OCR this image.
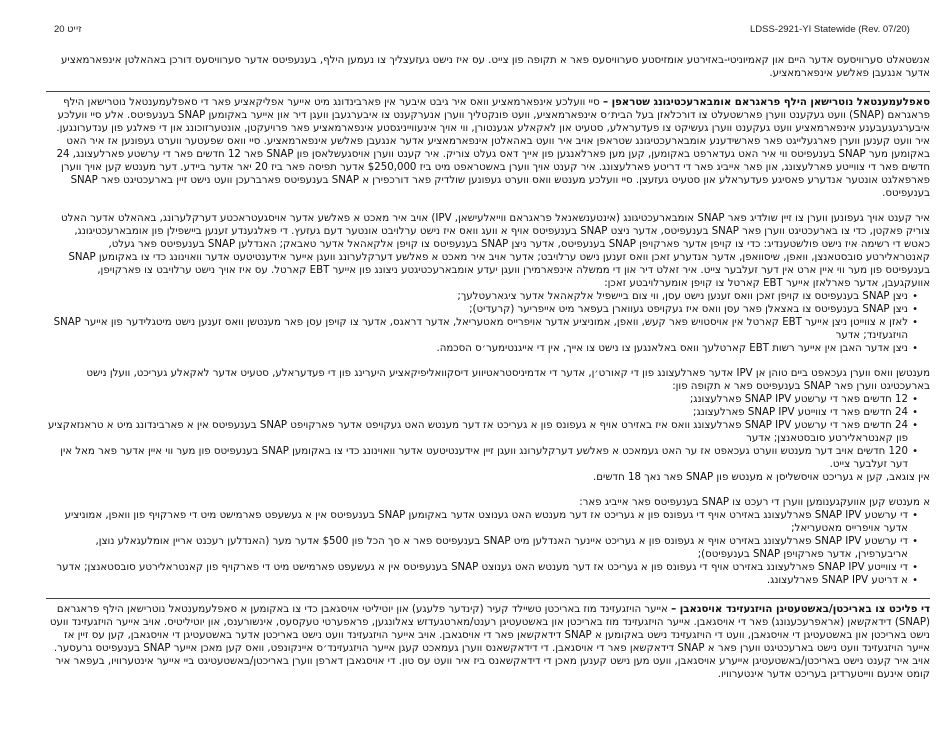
LDSS-2921-YI Statewide (Rev. 07/20)
זייט 20

אנשטאלט סערוויסעס אדער היים און קאמיוניטי-באזירטע אומזיסטע סערוויסעס פאר א תקופה פון צייט. עס איז נישט געזעצליך צו נעמען הילף, בענעפיטס אדער סערוויסעס דורכן באהאלטן אינפארמאציע אדער אנגעבן פאלשע אינפארמאציע.

סאפלעמענטאל נוטרישאן הילף פראגראם אומבארעכטיגונג שטראפן – סיי וועלכע אינפארמאציע וואס איר גיבט איבער אין פארבינדונג מיט אייער אפליקאציע פאר די סאפלעמענטאל נוטרישאן הילף פראגראם (SNAP) וועט געקענט ווערן פארשטעלט צו דורכלאזן בעל הבית׳ס אינפארמאציע, וועט פונקטליך ווערן אנערקענט צו איבערגעבן וועגן דיר און אייער באקומען SNAP בענעפיטס. אלע סיי וועלכע איבערגעגעבענע אינפארמאציע וועט געקענט ווערן געשיקט צו פעדעראלע, סטעיט און לאקאלע אגענטורן, ווי אויך אינעווייניגסטע אינפארמאציע פאר פרויעקטן, אונטערזוכונג און די פאלגע פון ענדערונגען. איר וועט קענען ווערן פארגעלייגט פאר פארשידענע אומבארעכטיגונג שטראפן אויב איר וועט באהאלטן אינפארמאציע אדער אנגעבן פאלשע אינפארמאציע. סיי וואס שפעטער ווערט געפונען אז איר האט באקומען מער SNAP בענעפיטס ווי איר האט געדארפט באקומען, קען מען פארלאנגען פון אייך דאס געלט צוריק. איר קענט ווערן אויסגעשלאסן פון SNAP פאר 12 חדשים פאר די ערשטע פארלעצונג, 24 חדשים פאר די צווייטע פארלעצונג, און פאר אייביג פאר די דריטע פארלעצונג. איר קענט אויך ווערן באשטראפט מיט ביז $250,000 אדער תפיסה פאר ביז 20 יאר אדער ביידע. דער מענטש קען אויך ווערן פארפאלגט אונטער אנדערע פאסיגע פעדעראלע און סטעיט געזעצן. סיי וועלכע מענטש וואס ווערט געפונען שולדיק פאר דורכפירן א SNAP בענעפיטס פארברעכן וועט נישט זיין בארעכטיגט פאר SNAP בענעפיטס.

איר קענט אויך געפונען ווערן צו זיין שולדיג פאר SNAP אומבארעכטיגונג (אינטענשאנאל פראגראם ווייאלעישאן, IPV) אויב איר מאכט א פאלשע אדער אויסגעטראכטע דערקלערונג, באהאלט אדער האלט צוריק פאקטן, כדי צו בארעכטיגט ווערן פאר SNAP בענעפיטס, אדער ניצט SNAP בענעפיטס אויף א וועג וואס איז נישט ערלויבט אונטער דעם געזעץ. די פאלגענדע זענען ביישפילן פון אומבארעכטיגונג, כאטש די רשימה איז נישט פולשטענדיג: כדי צו קויפן אדער פארקויפן SNAP בענעפיטס, אדער ניצן SNAP בענעפיטס צו קויפן אלקאהאל אדער טאבאק; האנדלען SNAP בענעפיטס פאר געלט, קאנטראלירטע סובסטאנצן, וואפן, שיסוואפן, אדער אנדערע זאכן וואס זענען נישט ערלויבט; אדער אויב איר מאכט א פאלשע דערקלערונג וועגן אייער אידענטיטעט אדער וואוינונג כדי צו באקומען SNAP בענעפיטס פון מער ווי איין ארט אין דער זעלבער צייט. איר זאלט דיר און די ממשלה אינפארמירן וועגן יעדע אומבארעכטיגטע ניצונג פון אייער EBT קארטל. עס איז אויך נישט ערלויבט צו פארקויפן, אוועקגעבן, אדער פארלאזן אייער EBT קארטל צו קויפן אומערלויבטע זאכן:

•
ניצן SNAP בענעפיטס צו קויפן זאכן וואס זענען נישט עסן, ווי צום ביישפיל אלקאהאל אדער ציגארעטלעך;
•
ניצן SNAP בענעפיטס צו באצאלן פאר עסן וואס איז געקויפט געווארן בעפאר מיט אייפריער (קרעדיט);
•
לאזן א צווייטן ניצן אייער EBT קארטל אין אויסטויש פאר קעש, וואפן, אמוניציע אדער אויפרייס מאטעריאל, אדער דראגס, אדער צו קויפן עסן פאר מענטשן וואס זענען נישט מיטגלידער פון אייער SNAP הויזגעזינד; אדער
•
ניצן אדער האבן אין אייער רשות EBT קארטלעך וואס באלאנגען צו נישט צו אייך, אין די אייגנטימער׳ס הסכמה.

מענטשן וואס ווערן געכאפט ביים טוהן אן IPV אדער פארלעצונג פון די קאורט׳ן, אדער די אדמיניסטראטיווע דיסקוואליפיקאציע היערינג פון די פעדעראלע, סטעיט אדער לאקאלע געריכט, וועלן נישט בארעכטיגט ווערן פאר SNAP בענעפיטס פאר א תקופה פון:

•
12 חדשים פאר די ערשטע SNAP IPV פארלעצונג;
•
24 חדשים פאר די צווייטע SNAP IPV פארלעצונג;
•
24 חדשים פאר די ערשטע SNAP IPV פארלעצונג וואס איז באזירט אויף א געפונס פון א געריכט אז דער מענטש האט געקויפט אדער פארקויפט SNAP בענעפיטס אין א פארבינדונג מיט א טראנזאקציע פון קאנטראלירטע סובסטאנצן; אדער
•
120 חדשים אויב דער מענטש ווערט געכאפט אז ער האט געמאכט א פאלשע דערקלערונג וועגן זיין אידענטיטעט אדער וואוינונג כדי צו באקומען SNAP בענעפיטס פון מער ווי איין אדער פאר מאל אין דער זעלבער צייט.

אין צוגאב, קען א געריכט אויסשליסן א מענטש פון SNAP פאר נאך 18 חדשים.

א מענטש קען אוועקגענומען ווערן די רעכט צו SNAP בענעפיטס פאר אייביג פאר:

•
די ערשטע SNAP IPV פארלעצונג באזירט אויף די געפונס פון א געריכט אז דער מענטש האט גענוצט אדער באקומען SNAP בענעפיטס אין א געשעפט פארמישט מיט די פארקויף פון וואפן, אמוניציע אדער אויפרייס מאטעריאל;
•
די ערשטע SNAP IPV פארלעצונג באזירט אויף א געפונס פון א געריכט איינער האנדלען מיט SNAP בענעפיטס פאר א סך הכל פון $500 אדער מער (האנדלען רעכנט אריין אומלעגאלע נוצן, אריבערפירן, אדער פארקויפן SNAP בענעפיטס);
•
די צווייטע SNAP IPV פארלעצונג באזירט אויף די געפונס פון א געריכט אז דער מענטש האט גענוצט SNAP בענעפיטס אין א געשעפט פארמישט מיט די פארקויף פון קאנטראלירטע סובסטאנצן; אדער
•
א דריטע SNAP IPV פארלעצונג.

די פליכט צו באריכטן/באשטעטיגן הויזגעזינד אויסגאבן – אייער הויזגעזינד מוז באריכטן טשיילד קעיר (קינדער פלעגע) און יוטיליטי אויסגאבן כדי צו באקומען א סאפלעמענטאל נוטרישאן הילף פראגראם (SNAP) דידאקשאן (אראפרעכענונג) פאר די אויסגאבן. אייער הויזגעזינד מוז באריכטן און באשטעטיגן רענט/מארטגעדזש צאלונגען, פראפערטי טעקסעס, אינשורענס, און יוטיליטיס. אויב אייער הויזגעזינד וועט נישט באריכטן און באשטעטיגן די אויסגאבן, וועט די הויזגעזינד נישט באקומען א SNAP דידאקשאן פאר די אויסגאבן. אויב אייער הויזגעזינד וועט נישט באריכטן אדער באשטעטיגן די אויסגאבן, קען עס זיין אז אייער הויזגעזינד וועט נישט בארעכטיגט ווערן פאר א SNAP דידאקשאן פאר די אויסגאבן. די דידאקשאנס ווערן געמאכט קעגן אייער הויזגעזינד׳ס איינקונפט, וואס קען מאכן אייער SNAP בענעפיטס גרעסער. אויב איר קענט נישט באריכטן/באשטעטיגן אייערע אויסגאבן, וועט מען נישט קענען מאכן די דידאקשאנס ביז איר וועט עס טון. די אויסגאבן דארפן ווערן באריכטן/באשטעטיגט ביי אייער אינטערוויו, בעפאר איר קומט אינעם ווייטערדיגן בעריכט אדער אינטערוויו.
